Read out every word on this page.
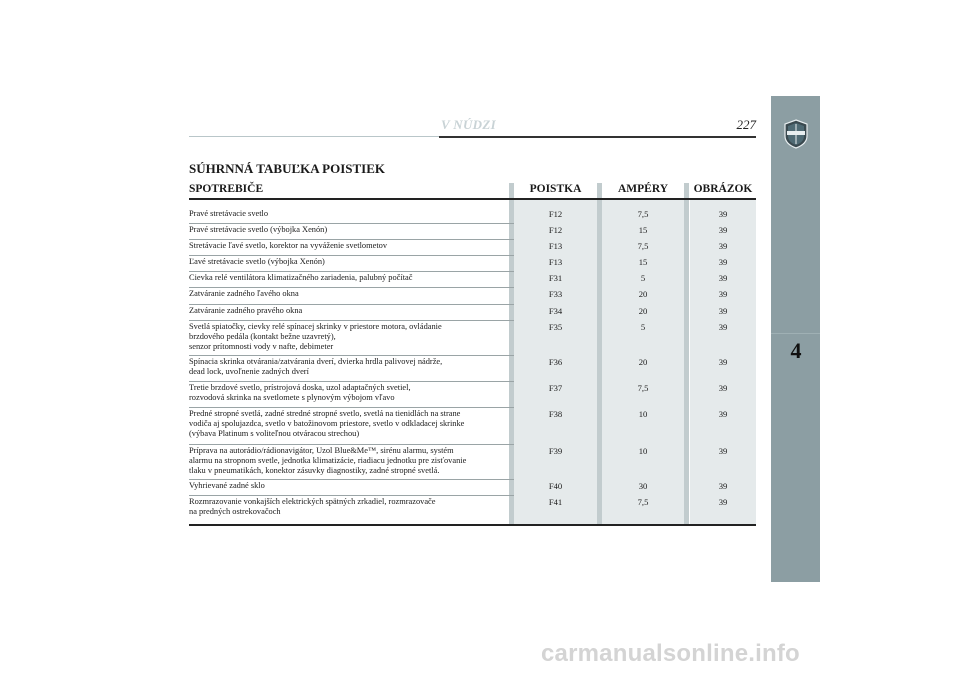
4
V NÚDZI	227
SÚHRNNÁ TABUĽKA POISTIEK
SPOTREBIČE	POISTKA	AMPÉRY	OBRÁZOK
Pravé stretávacie svetlo	F12	7,5	39
Pravé stretávacie svetlo (výbojka Xenón)	F12	15	39
Stretávacie ľavé svetlo, korektor na vyváženie svetlometov	F13	7,5	39
Ľavé stretávacie svetlo (výbojka Xenón)	F13	15	39
Cievka relé ventilátora klimatizačného zariadenia, palubný počítač	F31	5	39
Zatváranie zadného ľavého okna	F33	20	39
Zatváranie zadného pravého okna	F34	20	39
Svetlá spiatočky, cievky relé spínacej skrinky v priestore motora, ovládanie
brzdového pedála (kontakt bežne uzavretý),
senzor prítomnosti vody v nafte, debimeter
F35	5	39
Spínacia skrinka otvárania/zatvárania dverí, dvierka hrdla palivovej nádrže,
dead lock, uvoľnenie zadných dverí
F36	20	39
Tretie brzdové svetlo, prístrojová doska, uzol adaptačných svetiel,
rozvodová skrinka na svetlomete s plynovým výbojom vľavo
F37	7,5	39
Predné stropné svetlá, zadné stredné stropné svetlo, svetlá na tienidlách na strane
vodiča aj spolujazdca, svetlo v batožinovom priestore, svetlo v odkladacej skrinke
(výbava Platinum s voliteľnou otváracou strechou)
F38	10	39
Príprava na autorádio/rádionavigátor, Uzol Blue&Me™, sirénu alarmu, systém
alarmu na stropnom svetle, jednotka klimatizácie, riadiacu jednotku pre zisťovanie
tlaku v pneumatikách, konektor zásuvky diagnostiky, zadné stropné svetlá.
F39	10	39
Vyhrievané zadné sklo	F40	30	39
Rozmrazovanie vonkajších elektrických spätných zrkadiel, rozmrazovače
na predných ostrekovačoch
F41	7,5	39
carmanualsonline.info
